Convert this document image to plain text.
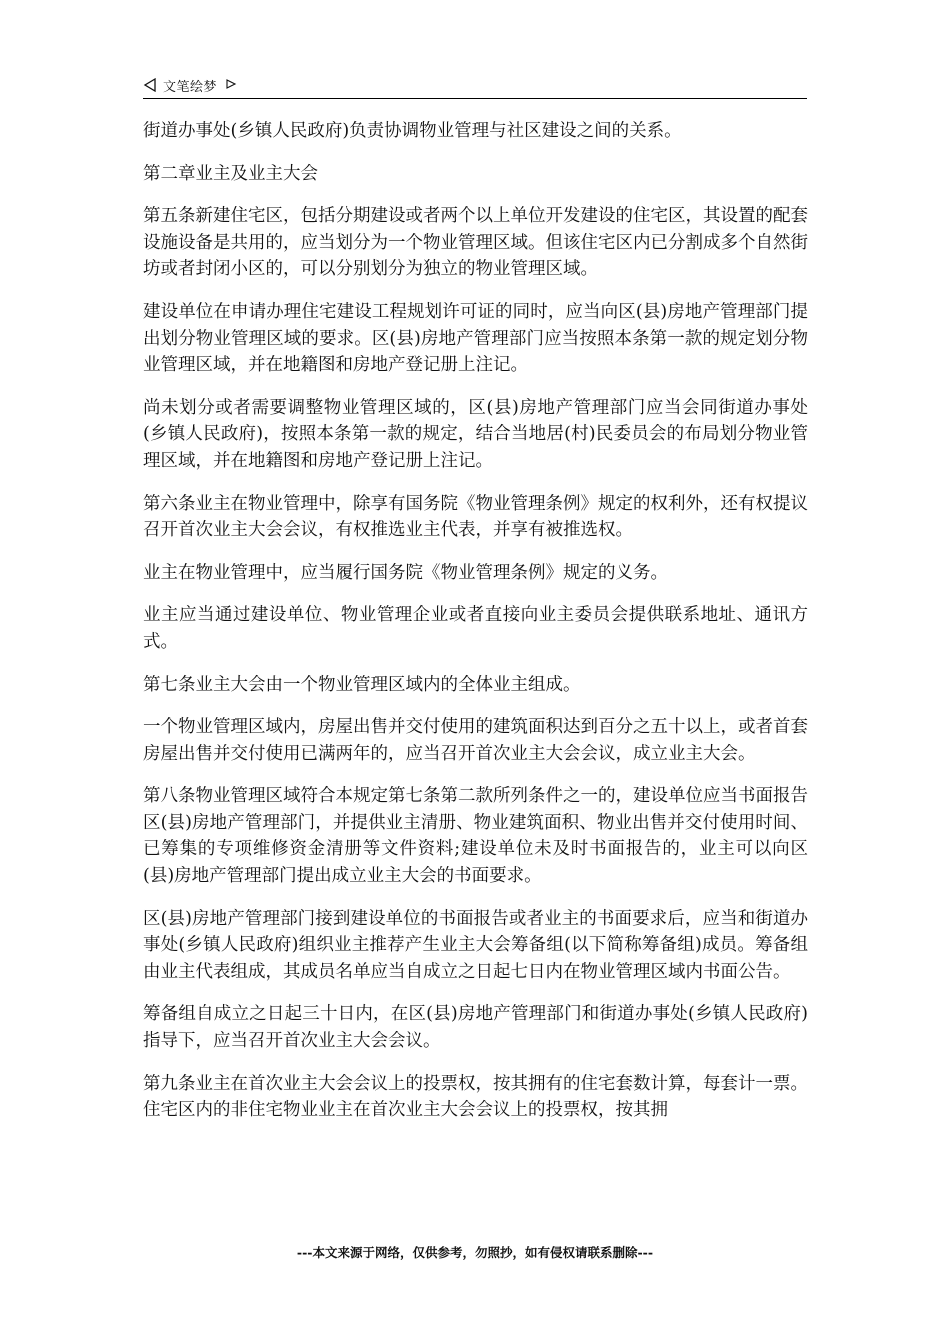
文笔绘梦

街道办事处(乡镇人民政府)负责协调物业管理与社区建设之间的关系。

第二章业主及业主大会

第五条新建住宅区，包括分期建设或者两个以上单位开发建设的住宅区，其设置的配套设施设备是共用的，应当划分为一个物业管理区域。但该住宅区内已分割成多个自然街坊或者封闭小区的，可以分别划分为独立的物业管理区域。

建设单位在申请办理住宅建设工程规划许可证的同时，应当向区(县)房地产管理部门提出划分物业管理区域的要求。区(县)房地产管理部门应当按照本条第一款的规定划分物业管理区域，并在地籍图和房地产登记册上注记。

尚未划分或者需要调整物业管理区域的，区(县)房地产管理部门应当会同街道办事处(乡镇人民政府)，按照本条第一款的规定，结合当地居(村)民委员会的布局划分物业管理区域，并在地籍图和房地产登记册上注记。

第六条业主在物业管理中，除享有国务院《物业管理条例》规定的权利外，还有权提议召开首次业主大会会议，有权推选业主代表，并享有被推选权。

业主在物业管理中，应当履行国务院《物业管理条例》规定的义务。

业主应当通过建设单位、物业管理企业或者直接向业主委员会提供联系地址、通讯方式。

第七条业主大会由一个物业管理区域内的全体业主组成。

一个物业管理区域内，房屋出售并交付使用的建筑面积达到百分之五十以上，或者首套房屋出售并交付使用已满两年的，应当召开首次业主大会会议，成立业主大会。

第八条物业管理区域符合本规定第七条第二款所列条件之一的，建设单位应当书面报告区(县)房地产管理部门，并提供业主清册、物业建筑面积、物业出售并交付使用时间、已筹集的专项维修资金清册等文件资料;建设单位未及时书面报告的，业主可以向区(县)房地产管理部门提出成立业主大会的书面要求。

区(县)房地产管理部门接到建设单位的书面报告或者业主的书面要求后，应当和街道办事处(乡镇人民政府)组织业主推荐产生业主大会筹备组(以下简称筹备组)成员。筹备组由业主代表组成，其成员名单应当自成立之日起七日内在物业管理区域内书面公告。

筹备组自成立之日起三十日内，在区(县)房地产管理部门和街道办事处(乡镇人民政府)指导下，应当召开首次业主大会会议。

第九条业主在首次业主大会会议上的投票权，按其拥有的住宅套数计算，每套计一票。住宅区内的非住宅物业业主在首次业主大会会议上的投票权，按其拥

---本文来源于网络，仅供参考，勿照抄，如有侵权请联系删除---
